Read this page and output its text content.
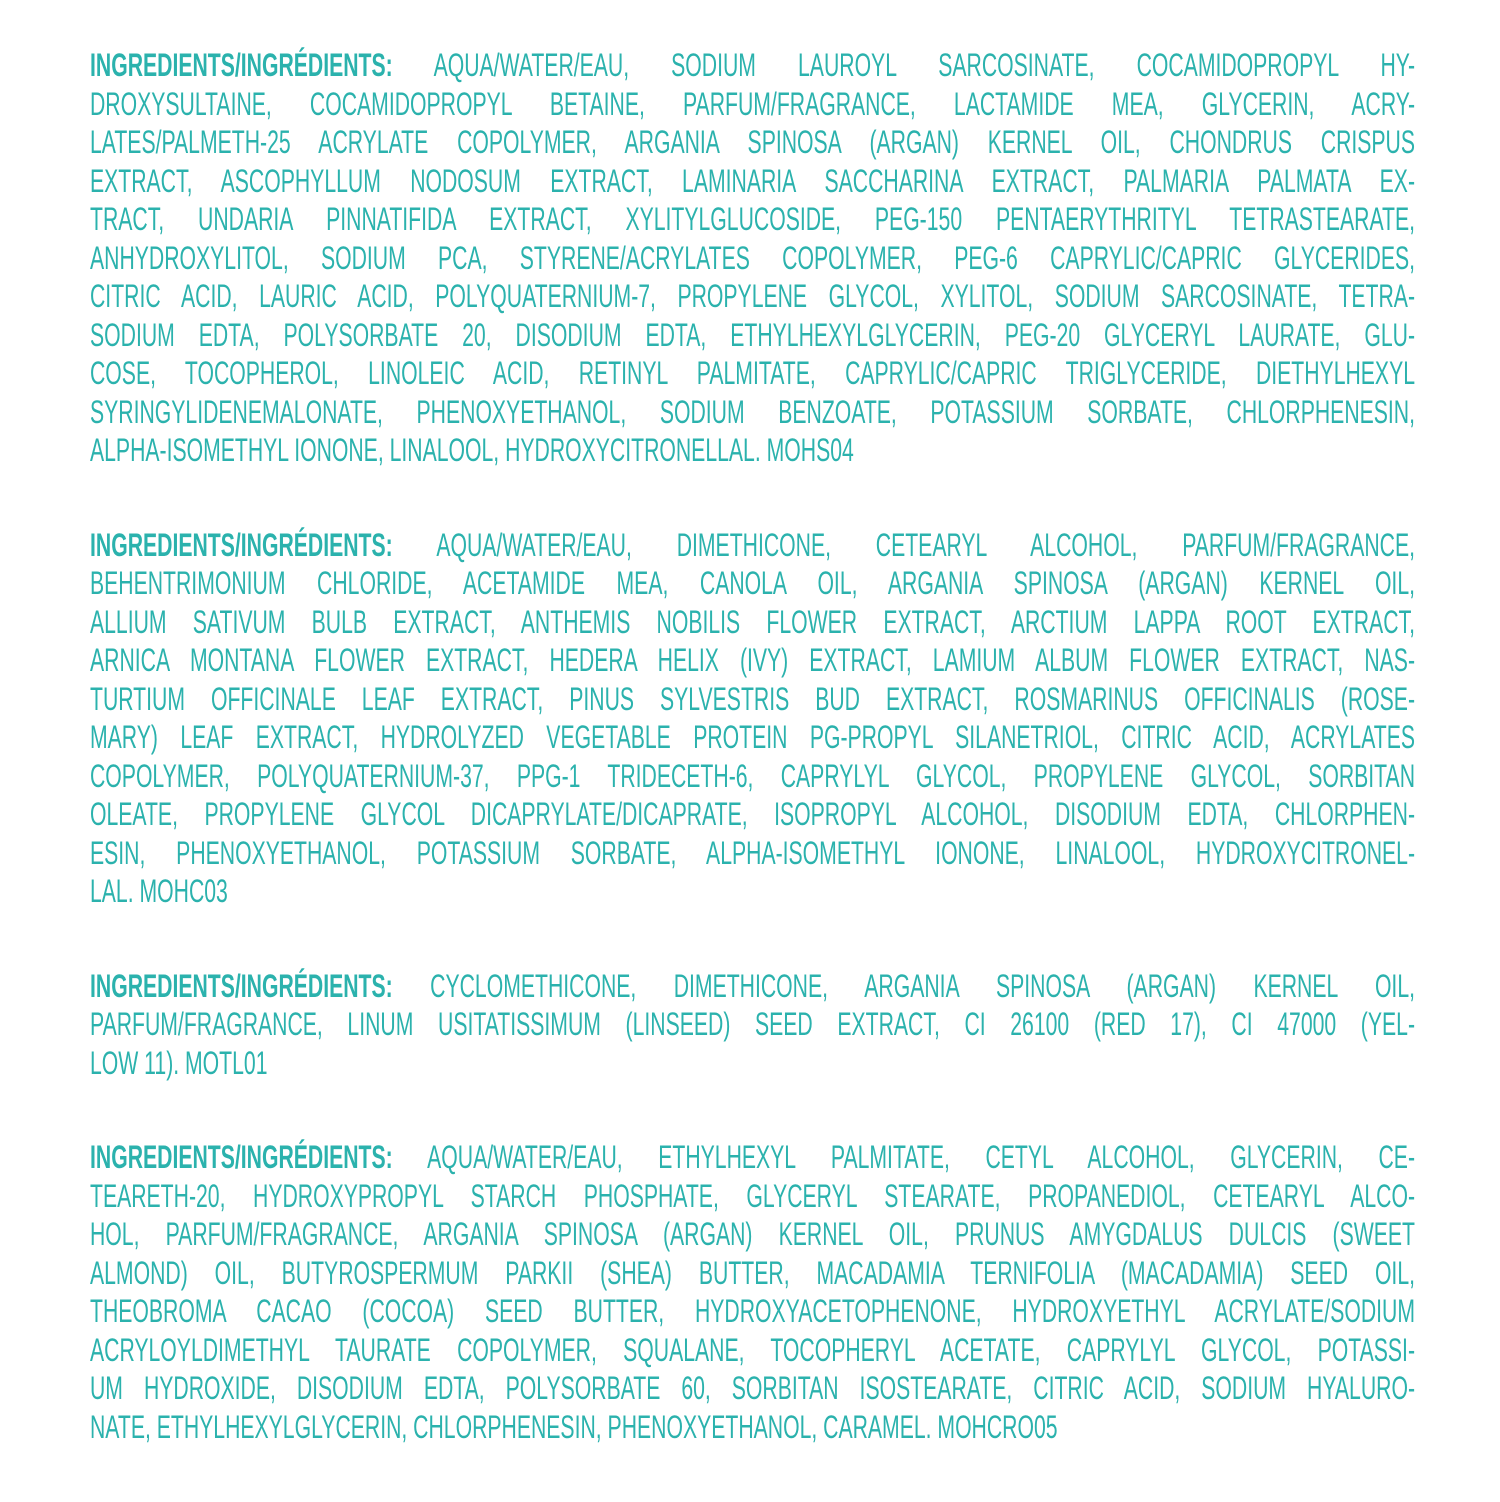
INGREDIENTS/INGRÉDIENTS: AQUA/WATER/EAU, SODIUM LAUROYL SARCOSINATE, COCAMIDOPROPYL HY-
DROXYSULTAINE, COCAMIDOPROPYL BETAINE, PARFUM/FRAGRANCE, LACTAMIDE MEA, GLYCERIN, ACRY-
LATES/PALMETH-25 ACRYLATE COPOLYMER, ARGANIA SPINOSA (ARGAN) KERNEL OIL, CHONDRUS CRISPUS
EXTRACT, ASCOPHYLLUM NODOSUM EXTRACT, LAMINARIA SACCHARINA EXTRACT, PALMARIA PALMATA EX-
TRACT, UNDARIA PINNATIFIDA EXTRACT, XYLITYLGLUCOSIDE, PEG-150 PENTAERYTHRITYL TETRASTEARATE,
ANHYDROXYLITOL, SODIUM PCA, STYRENE/ACRYLATES COPOLYMER, PEG-6 CAPRYLIC/CAPRIC GLYCERIDES,
CITRIC ACID, LAURIC ACID, POLYQUATERNIUM-7, PROPYLENE GLYCOL, XYLITOL, SODIUM SARCOSINATE, TETRA-
SODIUM EDTA, POLYSORBATE 20, DISODIUM EDTA, ETHYLHEXYLGLYCERIN, PEG-20 GLYCERYL LAURATE, GLU-
COSE, TOCOPHEROL, LINOLEIC ACID, RETINYL PALMITATE, CAPRYLIC/CAPRIC TRIGLYCERIDE, DIETHYLHEXYL
SYRINGYLIDENEMALONATE, PHENOXYETHANOL, SODIUM BENZOATE, POTASSIUM SORBATE, CHLORPHENESIN,
ALPHA-ISOMETHYL IONONE, LINALOOL, HYDROXYCITRONELLAL. MOHS04

INGREDIENTS/INGRÉDIENTS: AQUA/WATER/EAU, DIMETHICONE, CETEARYL ALCOHOL, PARFUM/FRAGRANCE,
BEHENTRIMONIUM CHLORIDE, ACETAMIDE MEA, CANOLA OIL, ARGANIA SPINOSA (ARGAN) KERNEL OIL,
ALLIUM SATIVUM BULB EXTRACT, ANTHEMIS NOBILIS FLOWER EXTRACT, ARCTIUM LAPPA ROOT EXTRACT,
ARNICA MONTANA FLOWER EXTRACT, HEDERA HELIX (IVY) EXTRACT, LAMIUM ALBUM FLOWER EXTRACT, NAS-
TURTIUM OFFICINALE LEAF EXTRACT, PINUS SYLVESTRIS BUD EXTRACT, ROSMARINUS OFFICINALIS (ROSE-
MARY) LEAF EXTRACT, HYDROLYZED VEGETABLE PROTEIN PG-PROPYL SILANETRIOL, CITRIC ACID, ACRYLATES
COPOLYMER, POLYQUATERNIUM-37, PPG-1 TRIDECETH-6, CAPRYLYL GLYCOL, PROPYLENE GLYCOL, SORBITAN
OLEATE, PROPYLENE GLYCOL DICAPRYLATE/DICAPRATE, ISOPROPYL ALCOHOL, DISODIUM EDTA, CHLORPHEN-
ESIN, PHENOXYETHANOL, POTASSIUM SORBATE, ALPHA-ISOMETHYL IONONE, LINALOOL, HYDROXYCITRONEL-
LAL. MOHC03

INGREDIENTS/INGRÉDIENTS: CYCLOMETHICONE, DIMETHICONE, ARGANIA SPINOSA (ARGAN) KERNEL OIL,
PARFUM/FRAGRANCE, LINUM USITATISSIMUM (LINSEED) SEED EXTRACT, CI 26100 (RED 17), CI 47000 (YEL-
LOW 11). MOTL01

INGREDIENTS/INGRÉDIENTS: AQUA/WATER/EAU, ETHYLHEXYL PALMITATE, CETYL ALCOHOL, GLYCERIN, CE-
TEARETH-20, HYDROXYPROPYL STARCH PHOSPHATE, GLYCERYL STEARATE, PROPANEDIOL, CETEARYL ALCO-
HOL, PARFUM/FRAGRANCE, ARGANIA SPINOSA (ARGAN) KERNEL OIL, PRUNUS AMYGDALUS DULCIS (SWEET
ALMOND) OIL, BUTYROSPERMUM PARKII (SHEA) BUTTER, MACADAMIA TERNIFOLIA (MACADAMIA) SEED OIL,
THEOBROMA CACAO (COCOA) SEED BUTTER, HYDROXYACETOPHENONE, HYDROXYETHYL ACRYLATE/SODIUM
ACRYLOYLDIMETHYL TAURATE COPOLYMER, SQUALANE, TOCOPHERYL ACETATE, CAPRYLYL GLYCOL, POTASSI-
UM HYDROXIDE, DISODIUM EDTA, POLYSORBATE 60, SORBITAN ISOSTEARATE, CITRIC ACID, SODIUM HYALURO-
NATE, ETHYLHEXYLGLYCERIN, CHLORPHENESIN, PHENOXYETHANOL, CARAMEL. MOHCRO05
